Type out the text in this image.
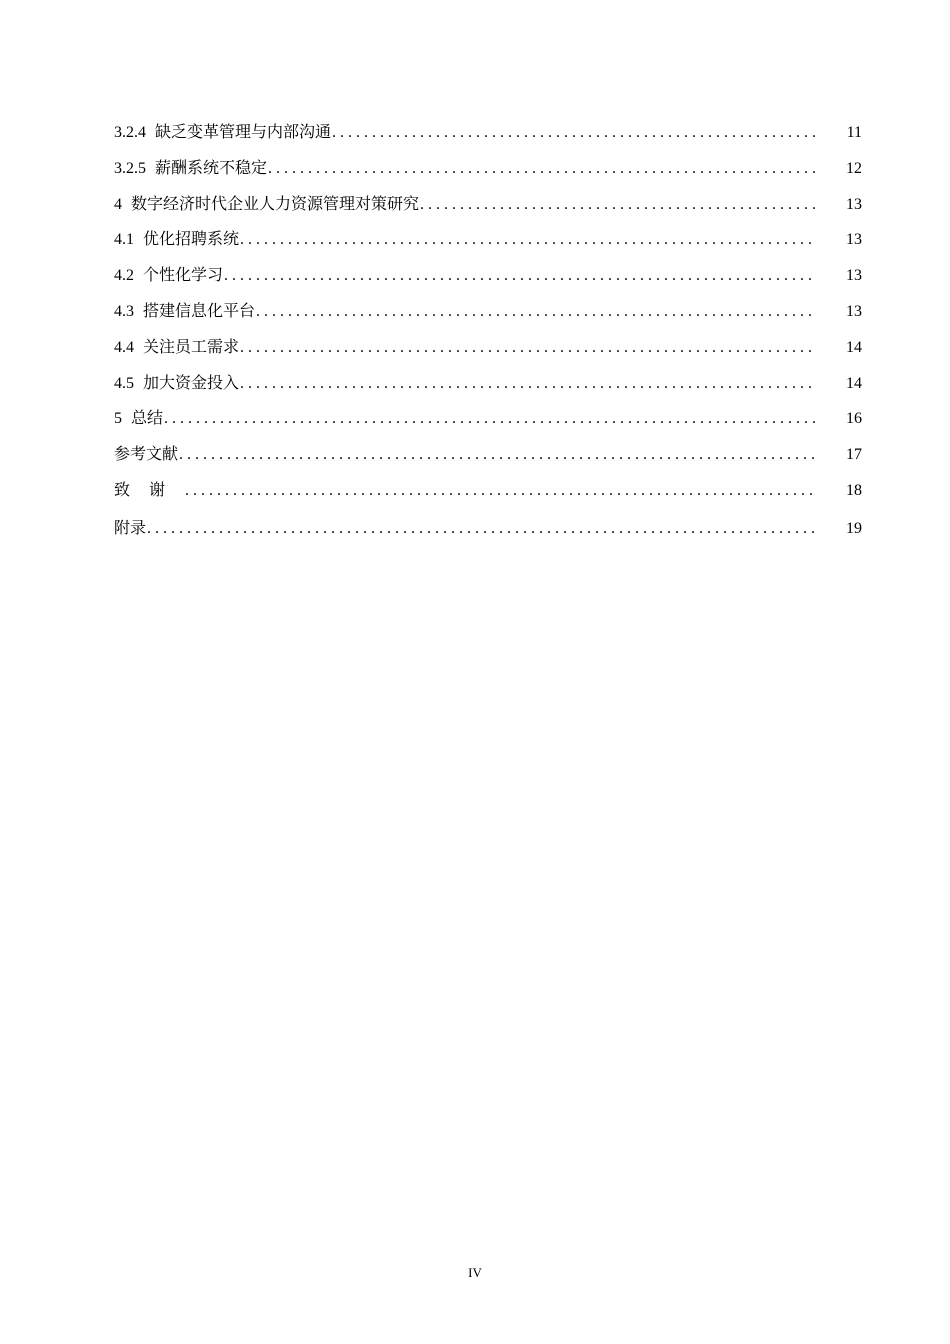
3.2.4 缺乏变革管理与内部沟通 . . .	11
3.2.5 薪酬系统不稳定 . . .	12
4 数字经济时代企业人力资源管理对策研究 . . .	13
4.1 优化招聘系统 . . .	13
4.2 个性化学习 . . .	13
4.3 搭建信息化平台 . . .	13
4.4 关注员工需求 . . .	14
4.5 加大资金投入 . . .	14
5 总结 . . .	16
参考文献 . . .	17
致谢 . . .	18
附录 . . .	19
IV
